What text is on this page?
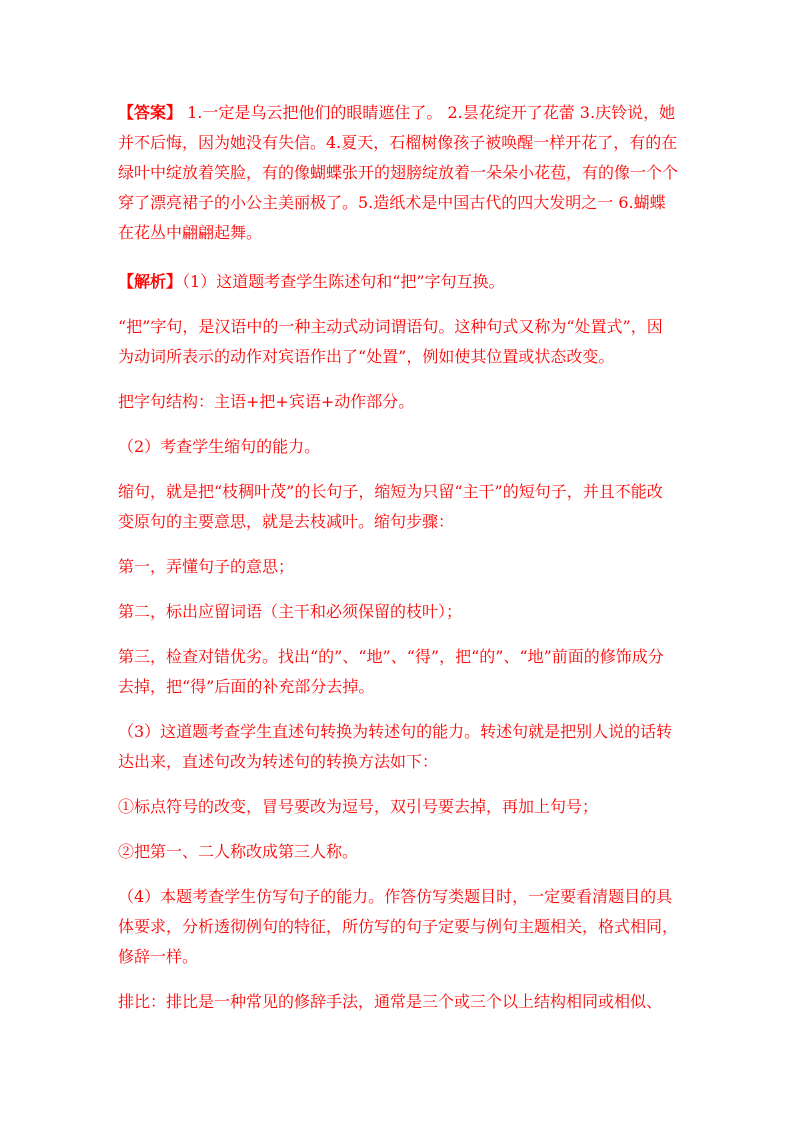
【答案】 1.一定是乌云把他们的眼睛遮住了。 2.昙花绽开了花蕾 3.庆铃说，她并不后悔，因为她没有失信。4.夏天，石榴树像孩子被唤醒一样开花了，有的在绿叶中绽放着笑脸，有的像蝴蝶张开的翅膀绽放着一朵朵小花苞，有的像一个个穿了漂亮裙子的小公主美丽极了。5.造纸术是中国古代的四大发明之一 6.蝴蝶在花丛中翩翩起舞。

【解析】（1）这道题考查学生陈述句和“把”字句互换。

“把”字句，是汉语中的一种主动式动词谓语句。这种句式又称为“处置式”，因为动词所表示的动作对宾语作出了“处置”，例如使其位置或状态改变。

把字句结构：主语+把+宾语+动作部分。

（2）考查学生缩句的能力。

缩句，就是把“枝稠叶茂”的长句子，缩短为只留“主干”的短句子，并且不能改变原句的主要意思，就是去枝减叶。缩句步骤：

第一，弄懂句子的意思；

第二，标出应留词语（主干和必须保留的枝叶）；

第三，检查对错优劣。找出“的”、“地”、“得”，把“的”、“地”前面的修饰成分去掉，把“得”后面的补充部分去掉。

（3）这道题考查学生直述句转换为转述句的能力。转述句就是把别人说的话转达出来，直述句改为转述句的转换方法如下：

①标点符号的改变，冒号要改为逗号，双引号要去掉，再加上句号；

②把第一、二人称改成第三人称。

（4）本题考查学生仿写句子的能力。作答仿写类题目时，一定要看清题目的具体要求，分析透彻例句的特征，所仿写的句子定要与例句主题相关，格式相同，修辞一样。

排比：排比是一种常见的修辞手法，通常是三个或三个以上结构相同或相似、
